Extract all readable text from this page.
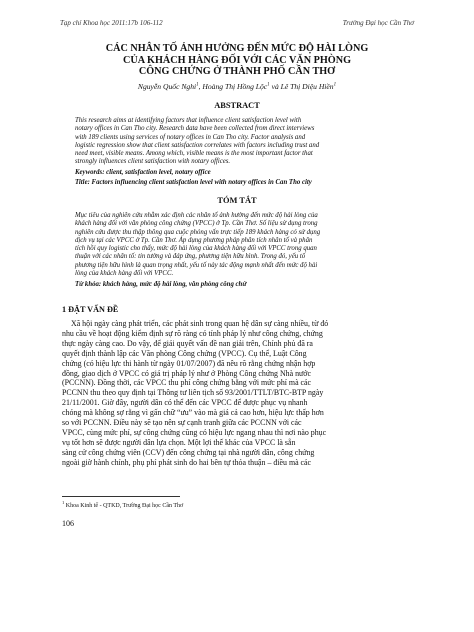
Tạp chí Khoa học 2011:17b 106-112	Trường Đại học Cần Thơ
CÁC NHÂN TỐ ẢNH HƯỞNG ĐẾN MỨC ĐỘ HÀI LÒNG
CỦA KHÁCH HÀNG ĐỐI VỚI CÁC VĂN PHÒNG
CÔNG CHỨNG Ở THÀNH PHỐ CẦN THƠ
Nguyễn Quốc Nghi$^1$, Hoàng Thị Hồng Lộc$^1$ và Lê Thị Diệu Hiền$^1$
ABSTRACT

This research aims at identifying factors that influence client satisfaction level with
notary offices in Can Tho city. Research data have been collected from direct interviews
with 189 clients using services of notary offices in Can Tho city. Factor analysis and
logistic regression show that client satisfaction correlates with factors including trust and
need meet, visible means. Among which, visible means is the most important factor that
strongly influences client satisfaction with notary offices.

Keywords: client, satisfaction level, notary office

Title: Factors influencing client satisfaction level with notary offices in Can Tho city

TÓM TẮT

Mục tiêu của nghiên cứu nhằm xác định các nhân tố ảnh hưởng đến mức độ hài lòng của
khách hàng đối với văn phòng công chứng (VPCC) ở Tp. Cần Thơ. Số liệu sử dụng trong
nghiên cứu được thu thập thông qua cuộc phỏng vấn trực tiếp 189 khách hàng có sử dụng
dịch vụ tại các VPCC ở Tp. Cần Thơ. Áp dụng phương pháp phân tích nhân tố và phân
tích hồi quy logistic cho thấy, mức độ hài lòng của khách hàng đối với VPCC trong quan
thuận với các nhân tố: tin tưởng và đáp ứng, phương tiện hữu hình. Trong đó, yếu tố
phương tiện hữu hình là quan trọng nhất, yếu tố này tác động mạnh nhất đến mức độ hài
lòng của khách hàng đối với VPCC.

Từ khóa: khách hàng, mức độ hài lòng, văn phòng công chứ

1 ĐẶT VẤN ĐỀ

Xã hội ngày càng phát triển, các phát sinh trong quan hệ dân sự càng nhiều, từ đó
nhu cầu về hoạt động kiểm định sự rõ ràng có tính pháp lý như công chứng, chứng
thực ngày càng cao. Do vậy, để giải quyết vấn đề nan giải trên, Chính phủ đã ra
quyết định thành lập các Văn phòng Công chứng (VPCC). Cụ thể, Luật Công
chứng (có hiệu lực thi hành từ ngày 01/07/2007) đã nêu rõ rằng chứng nhận hợp
đồng, giao dịch ở VPCC có giá trị pháp lý như ở Phòng Công chứng Nhà nước
(PCCNN). Đồng thời, các VPCC thu phí công chứng bằng với mức phí mà các
PCCNN thu theo quy định tại Thông tư liên tịch số 93/2001/TTLT/BTC-BTP ngày
21/11/2001. Giờ đây, người dân có thể đến các VPCC để được phục vụ nhanh
chóng mà không sợ rằng vì gấn chữ “ưu” vào mà giá cả cao hơn, hiệu lực thấp hơn
so với PCCNN. Điều này sẽ tạo nên sự cạnh tranh giữa các PCCNN với các
VPCC, cùng mức phí, sự công chứng cũng có hiệu lực ngang nhau thì nơi nào phục
vụ tốt hơn sẽ được người dân lựa chọn. Một lợi thế khác của VPCC là sẵn
sàng cử công chứng viên (CCV) đến công chứng tại nhà người dân, công chứng
ngoài giờ hành chính, phụ phí phát sinh do hai bên tự thỏa thuận – điều mà các

$^1$ Khoa Kinh tế - QTKD, Trường Đại học Cần Thơ
106
